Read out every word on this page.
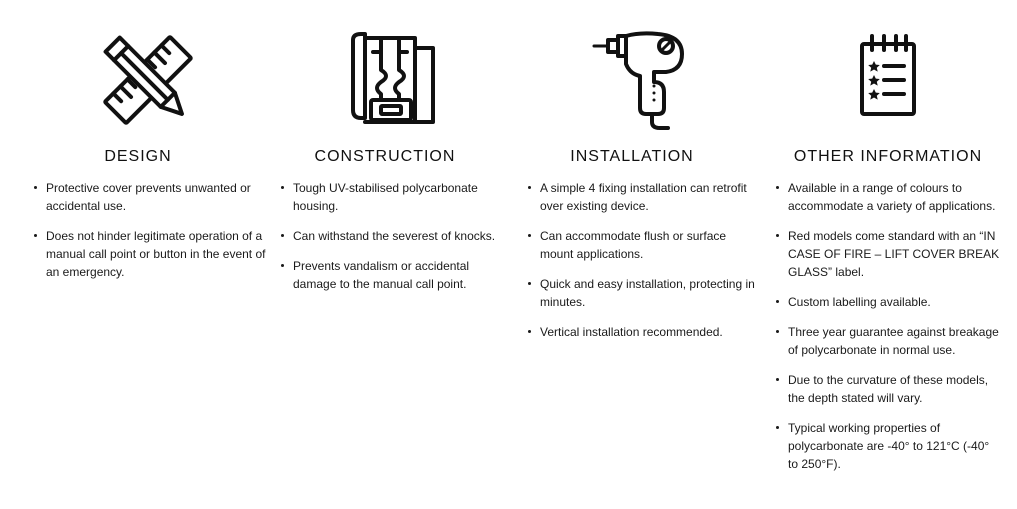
DESIGN
Protective cover prevents unwanted or accidental use.
Does not hinder legitimate operation of a manual call point or button in the event of an emergency.
CONSTRUCTION
Tough UV-stabilised polycarbonate housing.
Can withstand the severest of knocks.
Prevents vandalism or accidental damage to the manual call point.
INSTALLATION
A simple 4 fixing installation can retrofit over existing device.
Can accommodate flush or surface mount applications.
Quick and easy installation, protecting in minutes.
Vertical installation recommended.
OTHER INFORMATION
Available in a range of colours to accommodate a variety of applications.
Red models come standard with an “IN CASE OF FIRE – LIFT COVER BREAK GLASS” label.
Custom labelling available.
Three year guarantee against breakage of polycarbonate in normal use.
Due to the curvature of these models, the depth stated will vary.
Typical working properties of polycarbonate are -40° to 121°C (-40° to 250°F).
